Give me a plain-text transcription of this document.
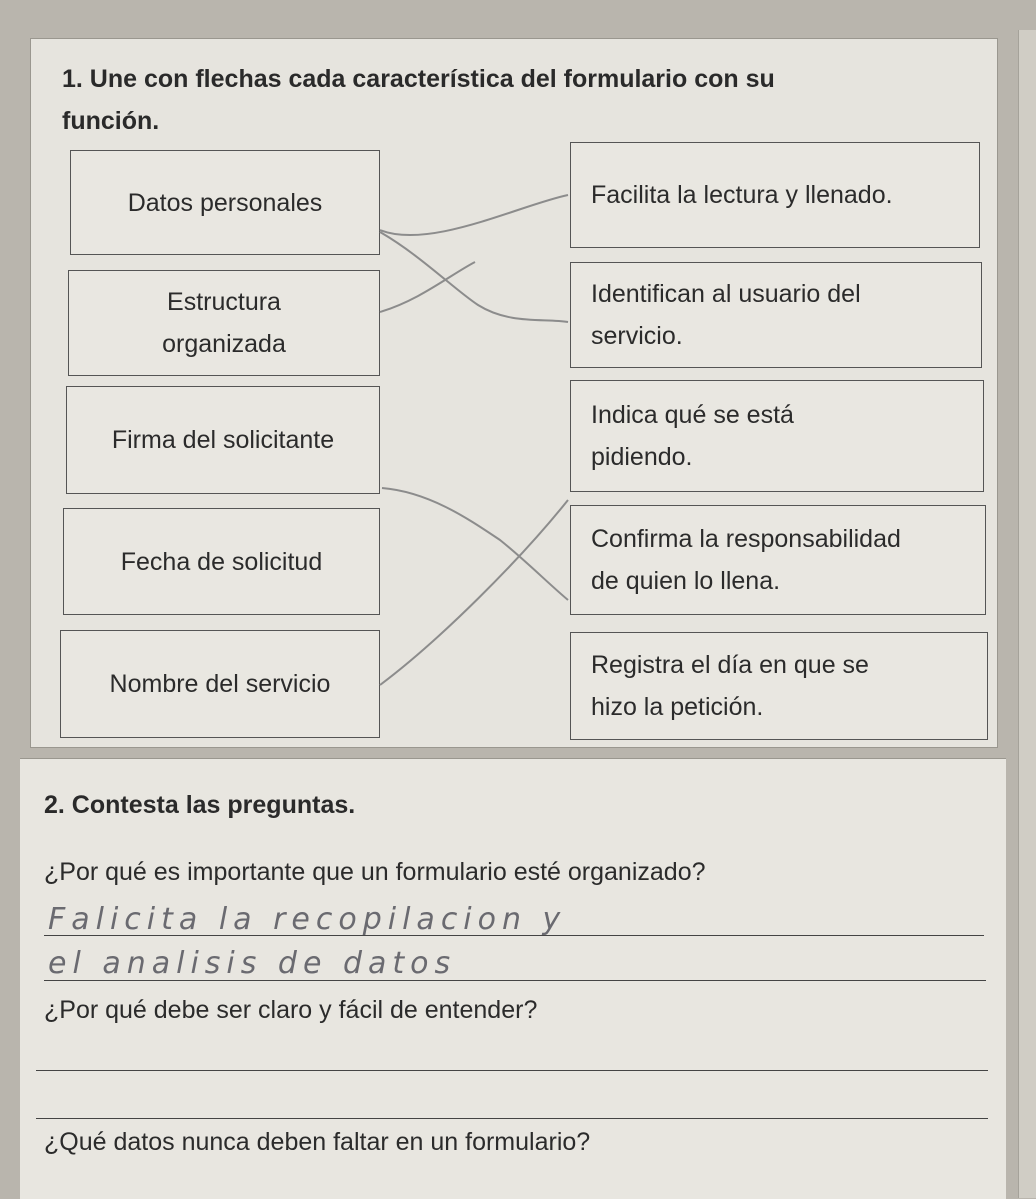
1. Une con flechas cada característica del formulario con su
función.
Datos personales
Estructura
organizada
Firma del solicitante
Fecha de solicitud
Nombre del servicio
Facilita la lectura y llenado.
Identifican al usuario del
servicio.
Indica qué se está
pidiendo.
Confirma la responsabilidad
de quien lo llena.
Registra el día en que se
hizo la petición.
2. Contesta las preguntas.
¿Por qué es importante que un formulario esté organizado?
Falicita la recopilacion y
el analisis de datos
¿Por qué debe ser claro y fácil de entender?
¿Qué datos nunca deben faltar en un formulario?
